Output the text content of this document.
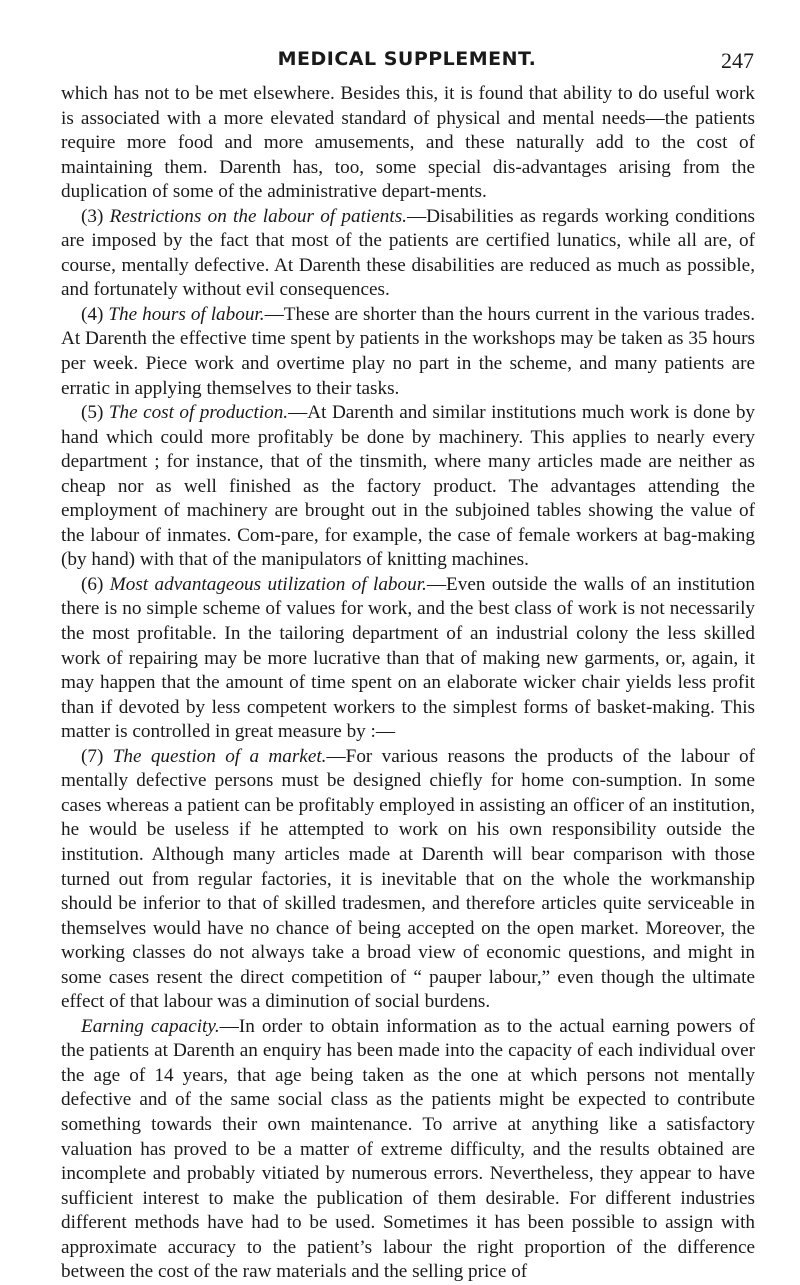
MEDICAL SUPPLEMENT.	247

which has not to be met elsewhere. Besides this, it is found that ability to do useful work is associated with a more elevated standard of physical and mental needs—the patients require more food and more amusements, and these naturally add to the cost of maintaining them. Darenth has, too, some special dis-advantages arising from the duplication of some of the administrative depart-ments.

(3) Restrictions on the labour of patients.—Disabilities as regards working conditions are imposed by the fact that most of the patients are certified lunatics, while all are, of course, mentally defective. At Darenth these disabilities are reduced as much as possible, and fortunately without evil consequences.

(4) The hours of labour.—These are shorter than the hours current in the various trades. At Darenth the effective time spent by patients in the workshops may be taken as 35 hours per week. Piece work and overtime play no part in the scheme, and many patients are erratic in applying themselves to their tasks.

(5) The cost of production.—At Darenth and similar institutions much work is done by hand which could more profitably be done by machinery. This applies to nearly every department ; for instance, that of the tinsmith, where many articles made are neither as cheap nor as well finished as the factory product. The advantages attending the employment of machinery are brought out in the subjoined tables showing the value of the labour of inmates. Com-pare, for example, the case of female workers at bag-making (by hand) with that of the manipulators of knitting machines.

(6) Most advantageous utilization of labour.—Even outside the walls of an institution there is no simple scheme of values for work, and the best class of work is not necessarily the most profitable. In the tailoring department of an industrial colony the less skilled work of repairing may be more lucrative than that of making new garments, or, again, it may happen that the amount of time spent on an elaborate wicker chair yields less profit than if devoted by less competent workers to the simplest forms of basket-making. This matter is controlled in great measure by :—

(7) The question of a market.—For various reasons the products of the labour of mentally defective persons must be designed chiefly for home con-sumption. In some cases whereas a patient can be profitably employed in assisting an officer of an institution, he would be useless if he attempted to work on his own responsibility outside the institution. Although many articles made at Darenth will bear comparison with those turned out from regular factories, it is inevitable that on the whole the workmanship should be inferior to that of skilled tradesmen, and therefore articles quite serviceable in themselves would have no chance of being accepted on the open market. Moreover, the working classes do not always take a broad view of economic questions, and might in some cases resent the direct competition of “ pauper labour,” even though the ultimate effect of that labour was a diminution of social burdens.

Earning capacity.—In order to obtain information as to the actual earning powers of the patients at Darenth an enquiry has been made into the capacity of each individual over the age of 14 years, that age being taken as the one at which persons not mentally defective and of the same social class as the patients might be expected to contribute something towards their own maintenance. To arrive at anything like a satisfactory valuation has proved to be a matter of extreme difficulty, and the results obtained are incomplete and probably vitiated by numerous errors. Nevertheless, they appear to have sufficient interest to make the publication of them desirable. For different industries different methods have had to be used. Sometimes it has been possible to assign with approximate accuracy to the patient’s labour the right proportion of the difference between the cost of the raw materials and the selling price of
